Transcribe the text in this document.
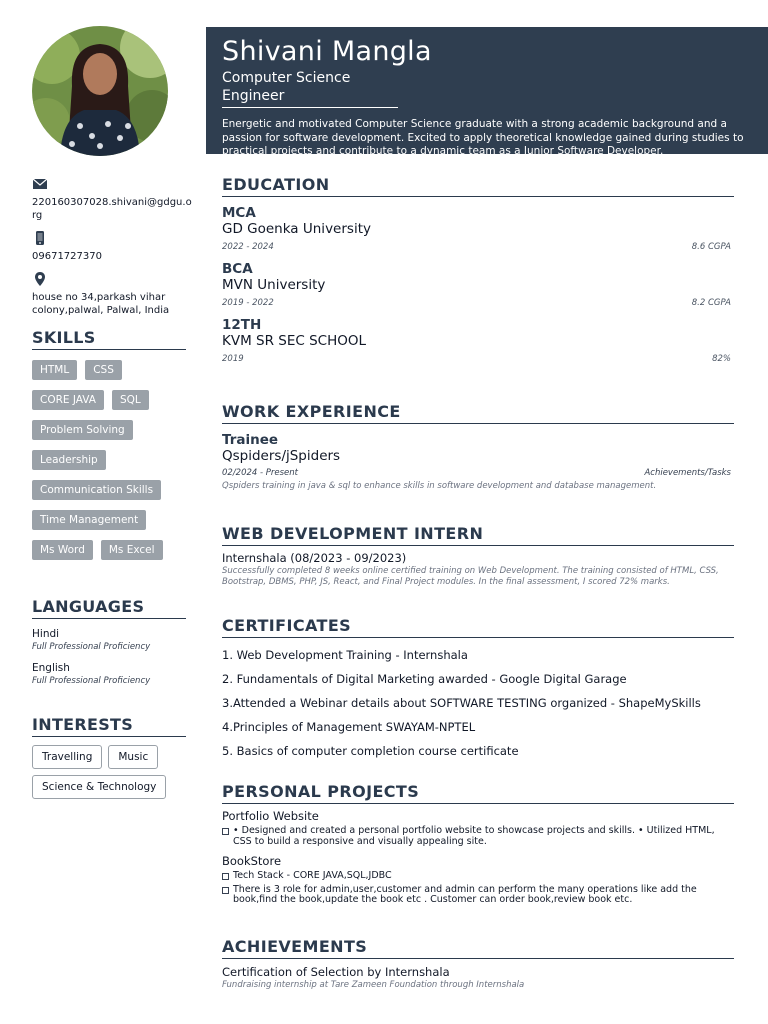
220160307028.shivani@gdgu.org
09671727370
house no 34,parkash vihar colony,palwal, Palwal, India
SKILLS
HTML	CSS
CORE JAVA	SQL
Problem Solving
Leadership
Communication Skills
Time Management
Ms Word	Ms Excel
LANGUAGES
Hindi
Full Professional Proficiency
English
Full Professional Proficiency
INTERESTS
Travelling	Music
Science & Technology
Shivani Mangla
Computer Science Engineer
Energetic and motivated Computer Science graduate with a strong academic background and a passion for software development. Excited to apply theoretical knowledge gained during studies to practical projects and contribute to a dynamic team as a Junior Software Developer.
EDUCATION
MCA
GD Goenka University
2022 - 2024	8.6 CGPA
BCA
MVN University
2019 - 2022	8.2 CGPA
12TH
KVM SR SEC SCHOOL
2019	82%
WORK EXPERIENCE
Trainee
Qspiders/jSpiders
02/2024 - Present	Achievements/Tasks
Qspiders training in java & sql to enhance skills in software development and database management.
WEB DEVELOPMENT INTERN
Internshala (08/2023 - 09/2023)
Successfully completed 8 weeks online certified training on Web Development. The training consisted of HTML, CSS, Bootstrap, DBMS, PHP, JS, React, and Final Project modules. In the final assessment, I scored 72% marks.
CERTIFICATES
1. Web Development Training - Internshala
2. Fundamentals of Digital Marketing awarded - Google Digital Garage
3.Attended a Webinar details about SOFTWARE TESTING organized - ShapeMySkills
4.Principles of Management SWAYAM-NPTEL
5. Basics of computer completion course certificate
PERSONAL PROJECTS
Portfolio Website
• Designed and created a personal portfolio website to showcase projects and skills. • Utilized HTML, CSS to build a responsive and visually appealing site.
BookStore
Tech Stack - CORE JAVA,SQL,JDBC
There is 3 role for admin,user,customer and admin can perform the many operations like add the book,find the book,update the book etc . Customer can order book,review book etc.
ACHIEVEMENTS
Certification of Selection by Internshala
Fundraising internship at Tare Zameen Foundation through Internshala
